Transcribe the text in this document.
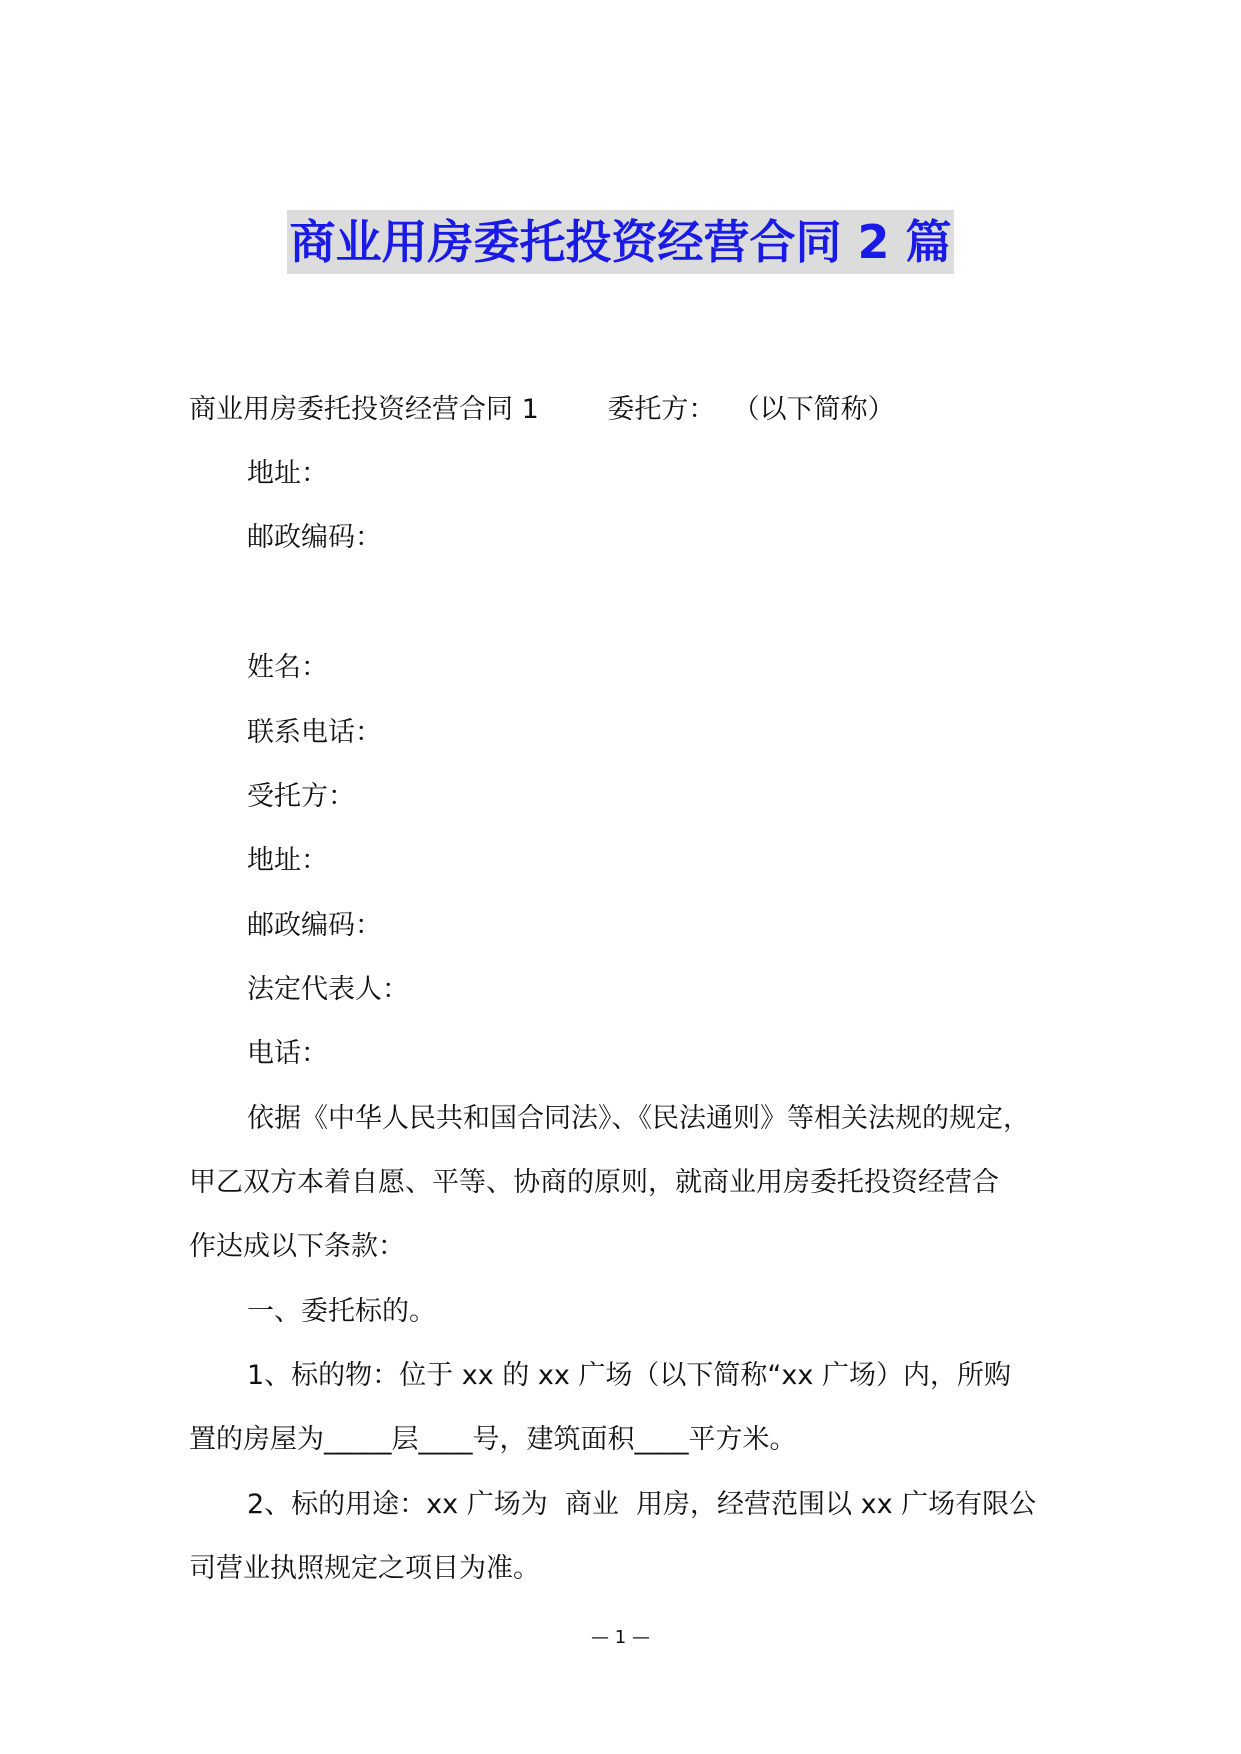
商业用房委托投资经营合同 2 篇
商业用房委托投资经营合同 1        委托方：  （以下简称）
地址：
邮政编码：
姓名：
联系电话：
受托方：
地址：
邮政编码：
法定代表人：
电话：
依据《中华人民共和国合同法》、《民法通则》等相关法规的规定，
甲乙双方本着自愿、平等、协商的原则，就商业用房委托投资经营合
作达成以下条款：
一、委托标的。
1、标的物：位于 xx 的 xx 广场（以下简称“xx 广场）内，所购
置的房屋为_____层____号，建筑面积____平方米。
2、标的用途：xx 广场为  商业  用房，经营范围以 xx 广场有限公
司营业执照规定之项目为准。
— 1 —
